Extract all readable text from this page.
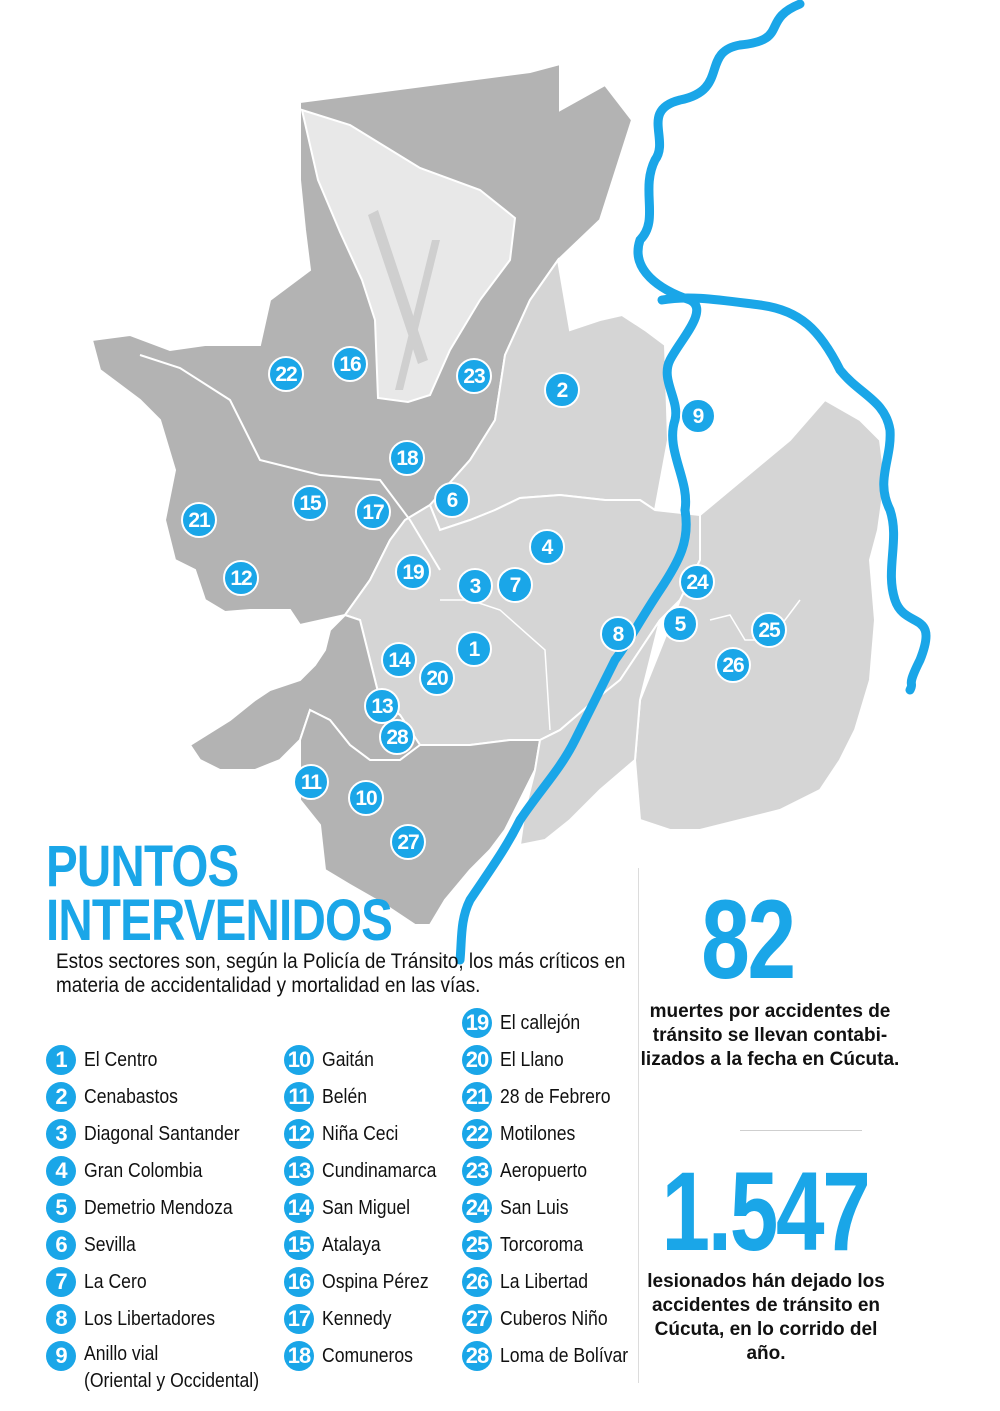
22 16
23
2
9
18
6
21
15 17
4
19
3 7
12	24
5	25
8
1
14
20
26
13
28
11
10
27
PUNTOS
INTERVENIDOS

Estos sectores son, según la Policía de Tránsito, los más críticos en materia de accidentalidad y mortalidad en las vías.

1 El Centro
2 Cenabastos
3 Diagonal Santander
4 Gran Colombia
5 Demetrio Mendoza
6 Sevilla
7 La Cero
8 Los Libertadores
9 Anillo vial
(Oriental y Occidental)
10 Gaitán
11 Belén
12 Niña Ceci
13 Cundinamarca
14 San Miguel
15 Atalaya
16 Ospina Pérez
17 Kennedy
18 Comuneros
19 El callejón
20 El Llano
21 28 de Febrero
22 Motilones
23 Aeropuerto
24 San Luis
25 Torcoroma
26 La Libertad
27 Cuberos Niño
28 Loma de Bolívar
82
muertes por accidentes de tránsito se llevan contabi-lizados a la fecha en Cúcuta.
1.547
lesionados hán dejado los accidentes de tránsito en Cúcuta, en lo corrido del año.
